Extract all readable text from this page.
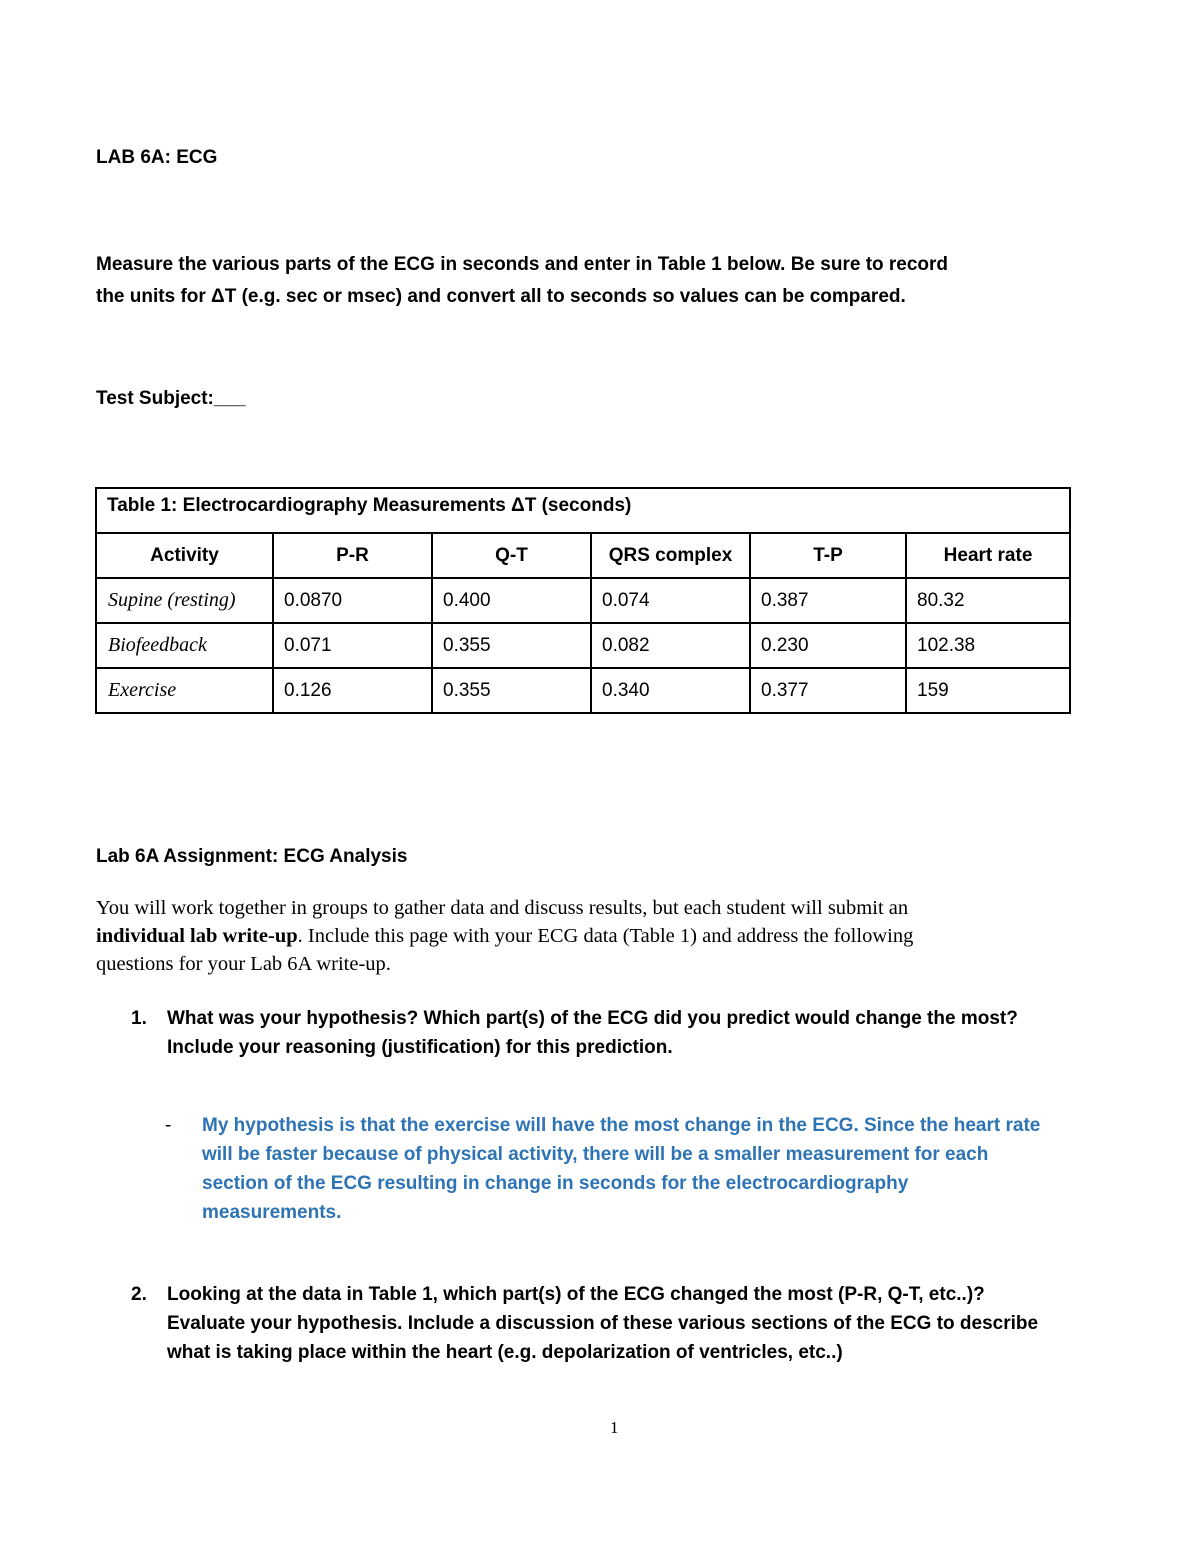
LAB 6A: ECG

Measure the various parts of the ECG in seconds and enter in Table 1 below. Be sure to record

the units for ΔT (e.g. sec or msec) and convert all to seconds so values can be compared.

Test Subject:___
Table 1: Electrocardiography Measurements ΔT (seconds)					
Activity	P-R	Q-T	QRS complex	T-P	Heart rate
Supine (resting)	0.0870	0.400	0.074	0.387	80.32
Biofeedback	0.071	0.355	0.082	0.230	102.38
Exercise	0.126	0.355	0.340	0.377	159
Lab 6A Assignment: ECG Analysis

You will work together in groups to gather data and discuss results, but each student will submit an

individual lab write-up. Include this page with your ECG data (Table 1) and address the following

questions for your Lab 6A write-up.

1. What was your hypothesis? Which part(s) of the ECG did you predict would change the most? Include your reasoning (justification) for this prediction.
- My hypothesis is that the exercise will have the most change in the ECG. Since the heart rate will be faster because of physical activity, there will be a smaller measurement for each section of the ECG resulting in change in seconds for the electrocardiography measurements.
2. Looking at the data in Table 1, which part(s) of the ECG changed the most (P-R, Q-T, etc..)? Evaluate your hypothesis. Include a discussion of these various sections of the ECG to describe what is taking place within the heart (e.g. depolarization of ventricles, etc..)
1
